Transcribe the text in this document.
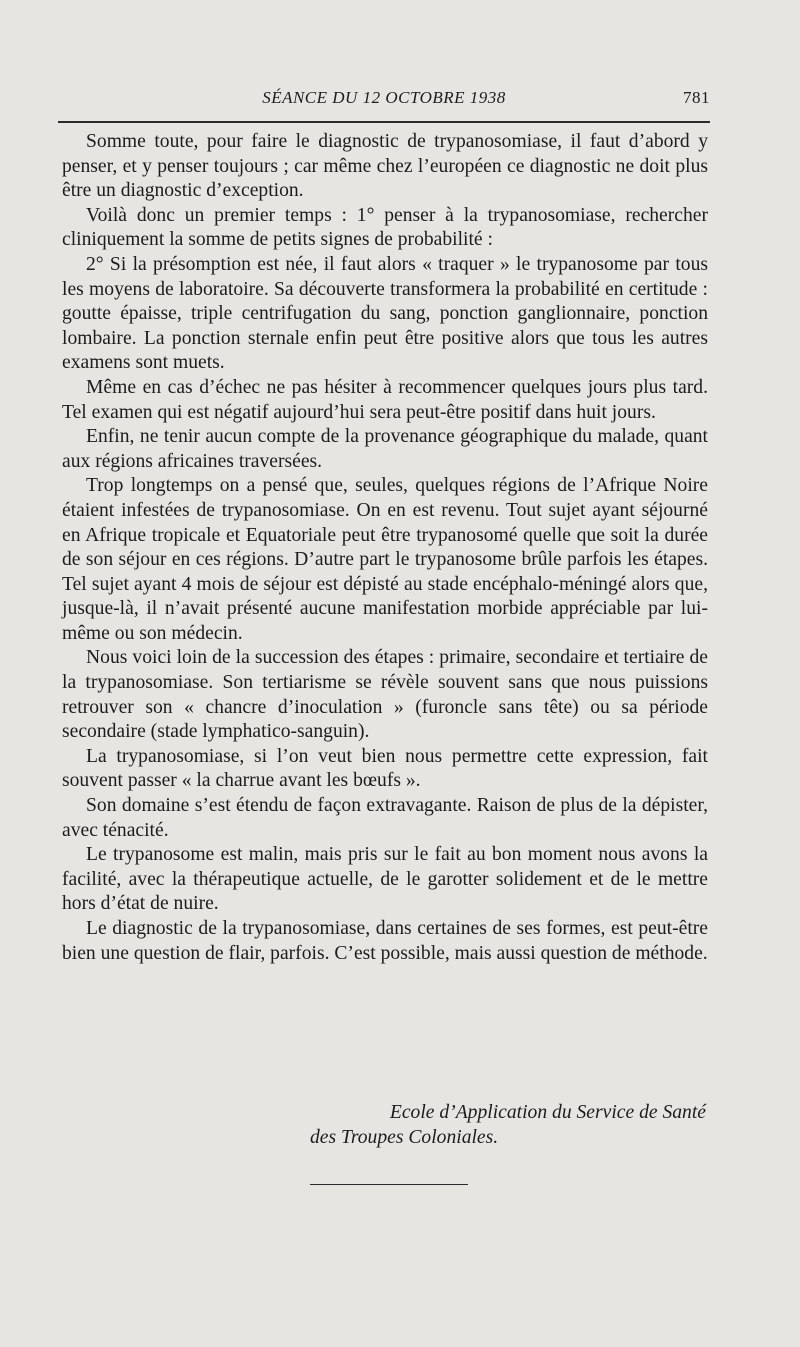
SÉANCE DU 12 OCTOBRE 1938	781

Somme toute, pour faire le diagnostic de trypanosomiase, il faut d’abord y penser, et y penser toujours ; car même chez l’européen ce diagnostic ne doit plus être un diagnostic d’exception.

Voilà donc un premier temps : 1° penser à la trypanosomiase, rechercher cliniquement la somme de petits signes de probabilité :

2° Si la présomption est née, il faut alors « traquer » le trypanosome par tous les moyens de laboratoire. Sa découverte transformera la probabilité en certitude : goutte épaisse, triple centrifugation du sang, ponction ganglionnaire, ponction lombaire. La ponction sternale enfin peut être positive alors que tous les autres examens sont muets.

Même en cas d’échec ne pas hésiter à recommencer quelques jours plus tard. Tel examen qui est négatif aujourd’hui sera peut-être positif dans huit jours.

Enfin, ne tenir aucun compte de la provenance géographique du malade, quant aux régions africaines traversées.

Trop longtemps on a pensé que, seules, quelques régions de l’Afrique Noire étaient infestées de trypanosomiase. On en est revenu. Tout sujet ayant séjourné en Afrique tropicale et Equatoriale peut être trypanosomé quelle que soit la durée de son séjour en ces régions. D’autre part le trypanosome brûle parfois les étapes. Tel sujet ayant 4 mois de séjour est dépisté au stade encéphalo-méningé alors que, jusque-là, il n’avait présenté aucune manifestation morbide appréciable par lui-même ou son médecin.

Nous voici loin de la succession des étapes : primaire, secondaire et tertiaire de la trypanosomiase. Son tertiarisme se révèle souvent sans que nous puissions retrouver son « chancre d’inoculation » (furoncle sans tête) ou sa période secondaire (stade lymphatico-sanguin).

La trypanosomiase, si l’on veut bien nous permettre cette expression, fait souvent passer « la charrue avant les bœufs ».

Son domaine s’est étendu de façon extravagante. Raison de plus de la dépister, avec ténacité.

Le trypanosome est malin, mais pris sur le fait au bon moment nous avons la facilité, avec la thérapeutique actuelle, de le garotter solidement et de le mettre hors d’état de nuire.

Le diagnostic de la trypanosomiase, dans certaines de ses formes, est peut-être bien une question de flair, parfois. C’est possible, mais aussi question de méthode.

Ecole d’Application du Service de Santé

des Troupes Coloniales.
